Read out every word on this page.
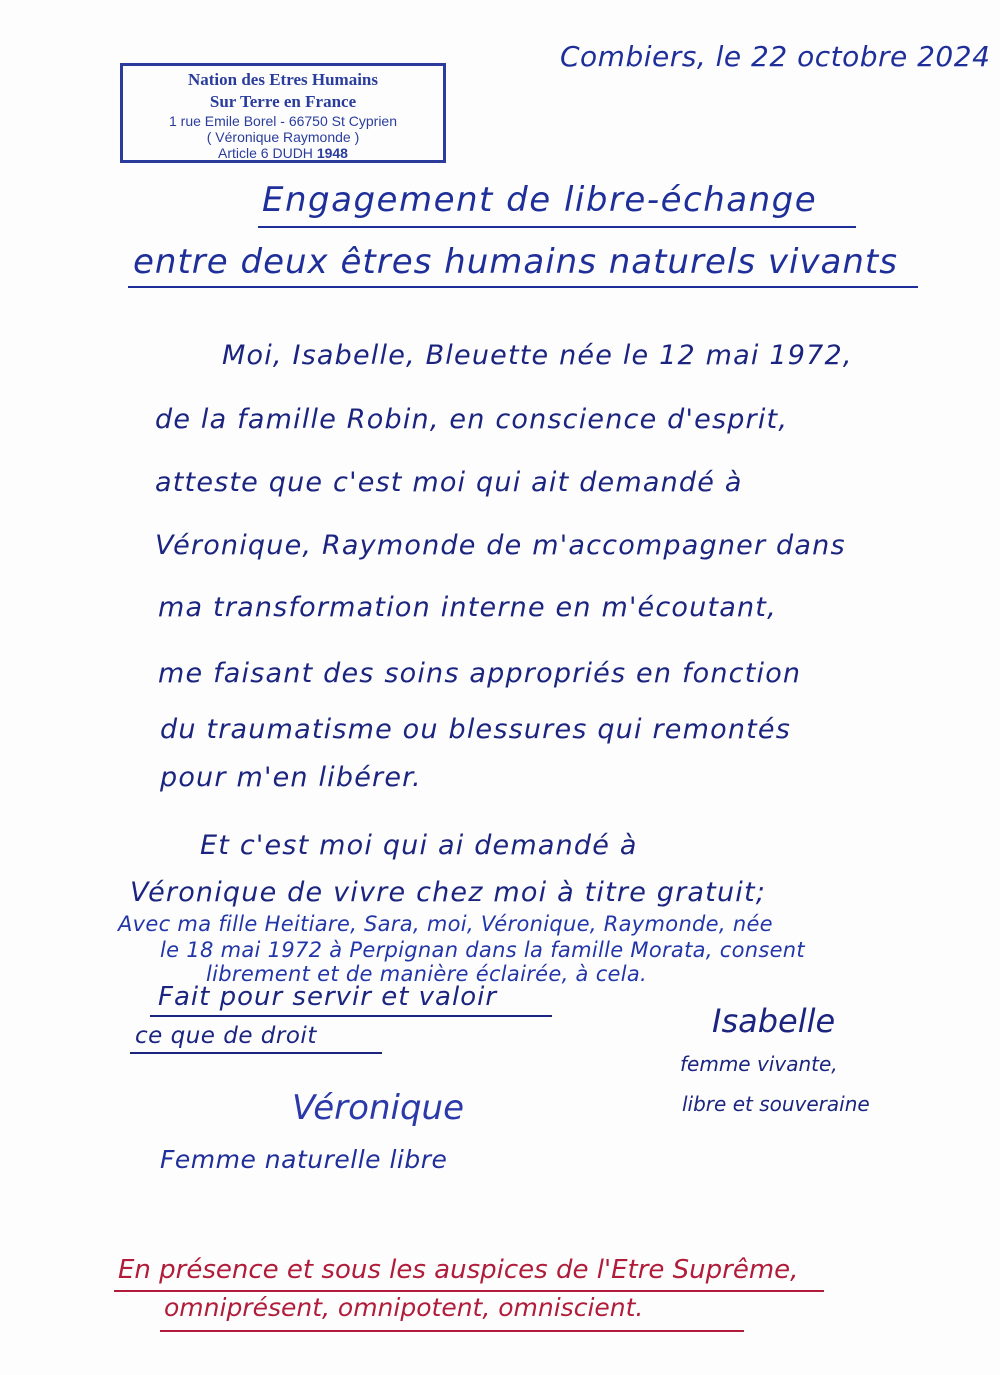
Nation des Etres Humains
Sur Terre en France
1 rue Emile Borel - 66750 St Cyprien
( Véronique Raymonde )
Article 6 DUDH 1948
Combiers, le 22 octobre 2024
Engagement de libre-échange
entre deux êtres humains naturels vivants
Moi, Isabelle, Bleuette née le 12 mai 1972,
de la famille Robin, en conscience d'esprit,
atteste que c'est moi qui ait demandé à
Véronique, Raymonde de m'accompagner dans
ma transformation interne en m'écoutant,
me faisant des soins appropriés en fonction
du traumatisme ou blessures qui remontés
pour m'en libérer.
Et c'est moi qui ai demandé à
Véronique de vivre chez moi à titre gratuit;
Avec ma fille Heitiare, Sara, moi, Véronique, Raymonde, née
le 18 mai 1972 à Perpignan dans la famille Morata, consent
librement et de manière éclairée, à cela.
Fait pour servir et valoir
ce que de droit	Isabelle
femme vivante,
libre et souveraine
Véronique
Femme naturelle libre
En présence et sous les auspices de l'Etre Suprême,
omniprésent, omnipotent, omniscient.
